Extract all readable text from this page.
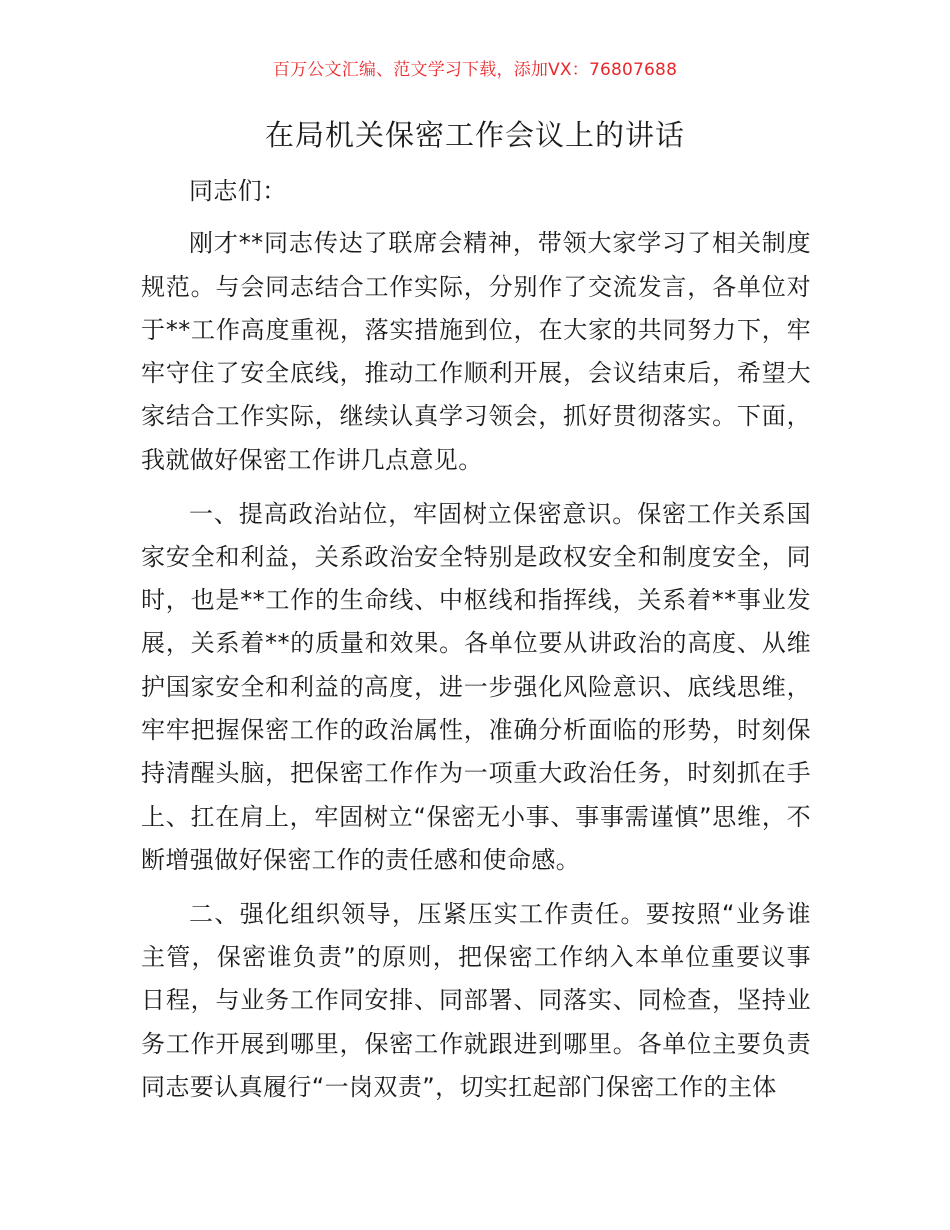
百万公文汇编、范文学习下载，添加VX：76807688
在局机关保密工作会议上的讲话

同志们：

刚才**同志传达了联席会精神，带领大家学习了相关制度规范。与会同志结合工作实际，分别作了交流发言，各单位对于**工作高度重视，落实措施到位，在大家的共同努力下，牢牢守住了安全底线，推动工作顺利开展，会议结束后，希望大家结合工作实际，继续认真学习领会，抓好贯彻落实。下面，我就做好保密工作讲几点意见。

一、提高政治站位，牢固树立保密意识。保密工作关系国家安全和利益，关系政治安全特别是政权安全和制度安全，同时，也是**工作的生命线、中枢线和指挥线，关系着**事业发展，关系着**的质量和效果。各单位要从讲政治的高度、从维护国家安全和利益的高度，进一步强化风险意识、底线思维，牢牢把握保密工作的政治属性，准确分析面临的形势，时刻保持清醒头脑，把保密工作作为一项重大政治任务，时刻抓在手上、扛在肩上，牢固树立“保密无小事、事事需谨慎”思维，不断增强做好保密工作的责任感和使命感。

二、强化组织领导，压紧压实工作责任。要按照“业务谁主管，保密谁负责”的原则，把保密工作纳入本单位重要议事日程，与业务工作同安排、同部署、同落实、同检查，坚持业务工作开展到哪里，保密工作就跟进到哪里。各单位主要负责同志要认真履行“一岗双责”，切实扛起部门保密工作的主体
